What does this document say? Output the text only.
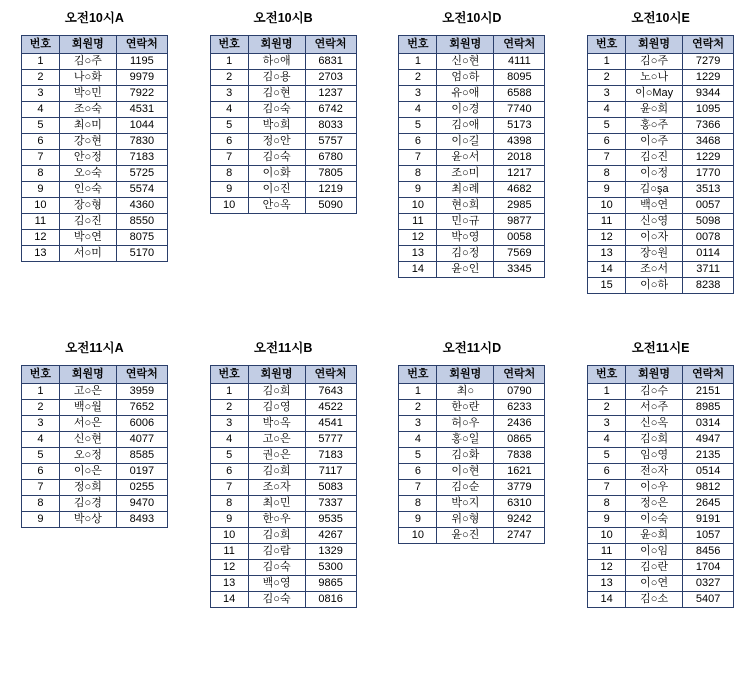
오전10시A
번호	회원명	연락처
1	김○주	1195
2	나○화	9979
3	박○민	7922
4	조○숙	4531
5	최○미	1044
6	강○현	7830
7	안○정	7183
8	오○숙	5725
9	인○숙	5574
10	장○형	4360
11	김○진	8550
12	박○연	8075
13	서○미	5170
오전10시B
번호	회원명	연락처
1	하○애	6831
2	김○용	2703
3	김○현	1237
4	김○숙	6742
5	박○희	8033
6	정○안	5757
7	김○숙	6780
8	이○화	7805
9	이○진	1219
10	안○옥	5090
오전10시D
번호	회원명	연락처
1	신○현	4111
2	엄○하	8095
3	유○애	6588
4	이○경	7740
5	김○애	5173
6	이○길	4398
7	윤○서	2018
8	조○미	1217
9	최○례	4682
10	현○희	2985
11	민○규	9877
12	박○영	0058
13	김○정	7569
14	윤○인	3345
오전10시E
번호	회원명	연락처
1	김○주	7279
2	노○나	1229
3	이○May	9344
4	윤○희	1095
5	홍○주	7366
6	이○주	3468
7	김○진	1229
8	이○정	1770
9	김○şa	3513
10	백○연	0057
11	신○영	5098
12	이○자	0078
13	장○원	0114
14	조○서	3711
15	이○하	8238
오전11시A
번호	회원명	연락처
1	고○은	3959
2	백○월	7652
3	서○은	6006
4	신○현	4077
5	오○정	8585
6	이○은	0197
7	정○희	0255
8	김○경	9470
9	박○상	8493
오전11시B
번호	회원명	연락처
1	김○희	7643
2	김○영	4522
3	박○옥	4541
4	고○은	5777
5	권○은	7183
6	김○희	7117
7	조○자	5083
8	최○민	7337
9	한○우	9535
10	김○희	4267
11	김○람	1329
12	김○숙	5300
13	백○영	9865
14	김○숙	0816
오전11시D
번호	회원명	연락처
1	최○	0790
2	한○란	6233
3	허○우	2436
4	홍○일	0865
5	김○화	7838
6	이○현	1621
7	김○순	3779
8	박○지	6310
9	위○형	9242
10	윤○진	2747
오전11시E
번호	회원명	연락처
1	김○수	2151
2	서○주	8985
3	신○옥	0314
4	김○희	4947
5	임○영	2135
6	전○자	0514
7	이○우	9812
8	정○은	2645
9	이○숙	9191
10	윤○희	1057
11	이○임	8456
12	김○란	1704
13	이○연	0327
14	김○소	5407
